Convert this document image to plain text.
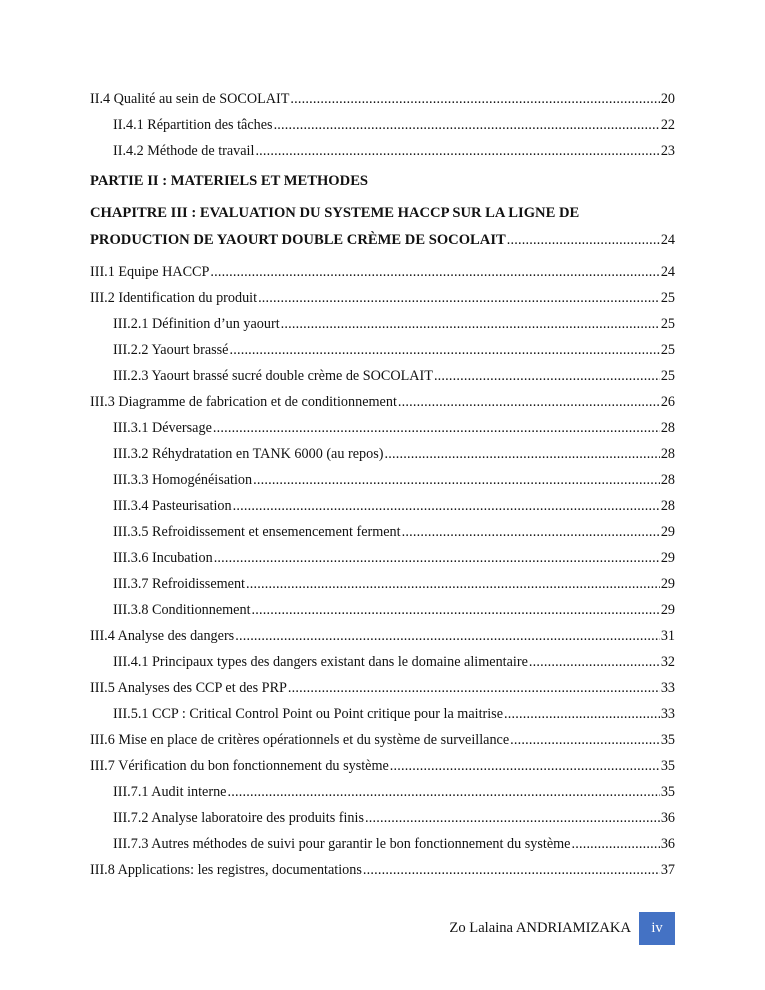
II.4 Qualité au sein de SOCOLAIT .....	20
II.4.1 Répartition des tâches .....	22
II.4.2 Méthode de travail .....	23
PARTIE II : MATERIELS ET METHODES
CHAPITRE III : EVALUATION DU SYSTEME HACCP SUR LA LIGNE DE
PRODUCTION DE YAOURT DOUBLE CRÈME DE SOCOLAIT .....	24
III.1 Equipe HACCP .....	24
III.2 Identification du produit .....	25
III.2.1 Définition d’un yaourt .....	25
III.2.2 Yaourt brassé .....	25
III.2.3 Yaourt brassé sucré double crème de SOCOLAIT .....	25
III.3 Diagramme de fabrication et de conditionnement .....	26
III.3.1 Déversage .....	28
III.3.2 Réhydratation en TANK 6000 (au repos) .....	28
III.3.3 Homogénéisation .....	28
III.3.4 Pasteurisation .....	28
III.3.5 Refroidissement et ensemencement ferment .....	29
III.3.6 Incubation .....	29
III.3.7 Refroidissement .....	29
III.3.8 Conditionnement .....	29
III.4 Analyse des dangers .....	31
III.4.1 Principaux types des dangers existant dans le domaine alimentaire .....	32
III.5 Analyses des CCP et des PRP .....	33
III.5.1 CCP : Critical Control Point ou Point critique pour la maitrise .....	33
III.6 Mise en place de critères opérationnels et du système de surveillance .....	35
III.7 Vérification du bon fonctionnement du système .....	35
III.7.1 Audit interne .....	35
III.7.2 Analyse laboratoire des produits finis .....	36
III.7.3 Autres méthodes de suivi pour garantir le bon fonctionnement du système .....	36
III.8 Applications: les registres, documentations .....	37
Zo Lalaina ANDRIAMIZAKA	iv
